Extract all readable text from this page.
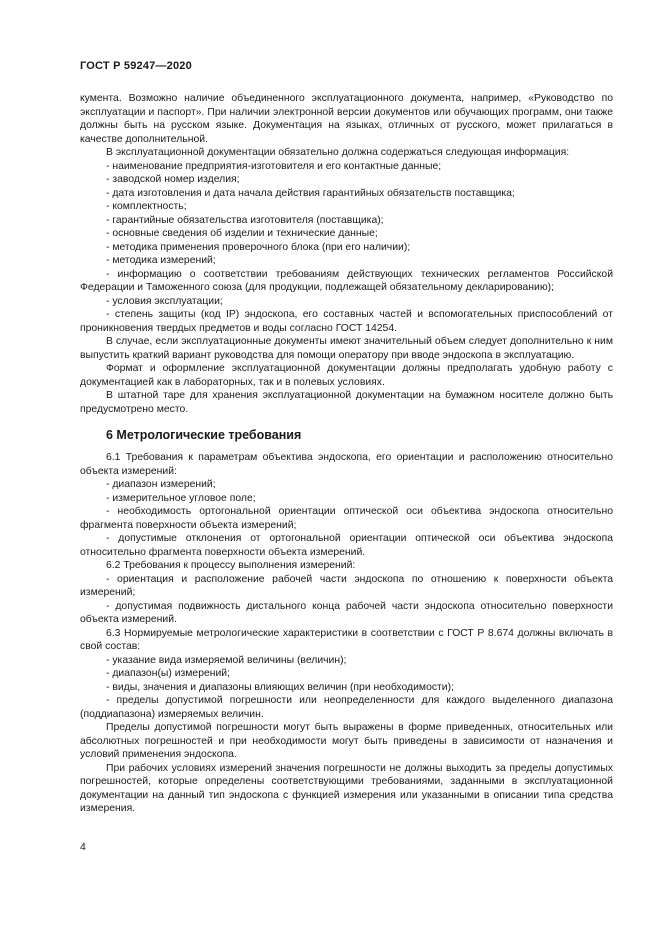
ГОСТ Р 59247—2020

кумента. Возможно наличие объединенного эксплуатационного документа, например, «Руководство по эксплуатации и паспорт». При наличии электронной версии документов или обучающих программ, они также должны быть на русском языке. Документация на языках, отличных от русского, может прилагаться в качестве дополнительной.

В эксплуатационной документации обязательно должна содержаться следующая информация:

- наименование предприятия-изготовителя и его контактные данные;

- заводской номер изделия;

- дата изготовления и дата начала действия гарантийных обязательств поставщика;

- комплектность;

- гарантийные обязательства изготовителя (поставщика);

- основные сведения об изделии и технические данные;

- методика применения проверочного блока (при его наличии);

- методика измерений;

- информацию о соответствии требованиям действующих технических регламентов Российской Федерации и Таможенного союза (для продукции, подлежащей обязательному декларированию);

- условия эксплуатации;

- степень защиты (код IP) эндоскопа, его составных частей и вспомогательных приспособлений от проникновения твердых предметов и воды согласно ГОСТ 14254.

В случае, если эксплуатационные документы имеют значительный объем следует дополнительно к ним выпустить краткий вариант руководства для помощи оператору при вводе эндоскопа в эксплуатацию.

Формат и оформление эксплуатационной документации должны предполагать удобную работу с документацией как в лабораторных, так и в полевых условиях.

В штатной таре для хранения эксплуатационной документации на бумажном носителе должно быть предусмотрено место.

6 Метрологические требования

6.1 Требования к параметрам объектива эндоскопа, его ориентации и расположению относительно объекта измерений:

- диапазон измерений;

- измерительное угловое поле;

- необходимость ортогональной ориентации оптической оси объектива эндоскопа относительно фрагмента поверхности объекта измерений;

- допустимые отклонения от ортогональной ориентации оптической оси объектива эндоскопа относительно фрагмента поверхности объекта измерений.

6.2 Требования к процессу выполнения измерений:

- ориентация и расположение рабочей части эндоскопа по отношению к поверхности объекта измерений;

- допустимая подвижность дистального конца рабочей части эндоскопа относительно поверхности объекта измерений.

6.3 Нормируемые метрологические характеристики в соответствии с ГОСТ Р 8.674 должны включать в свой состав:

- указание вида измеряемой величины (величин);

- диапазон(ы) измерений;

- виды, значения и диапазоны влияющих величин (при необходимости);

- пределы допустимой погрешности или неопределенности для каждого выделенного диапазона (поддиапазона) измеряемых величин.

Пределы допустимой погрешности могут быть выражены в форме приведенных, относительных или абсолютных погрешностей и при необходимости могут быть приведены в зависимости от назначения и условий применения эндоскопа.

При рабочих условиях измерений значения погрешности не должны выходить за пределы допустимых погрешностей, которые определены соответствующими требованиями, заданными в эксплуатационной документации на данный тип эндоскопа с функцией измерения или указанными в описании типа средства измерения.

4
